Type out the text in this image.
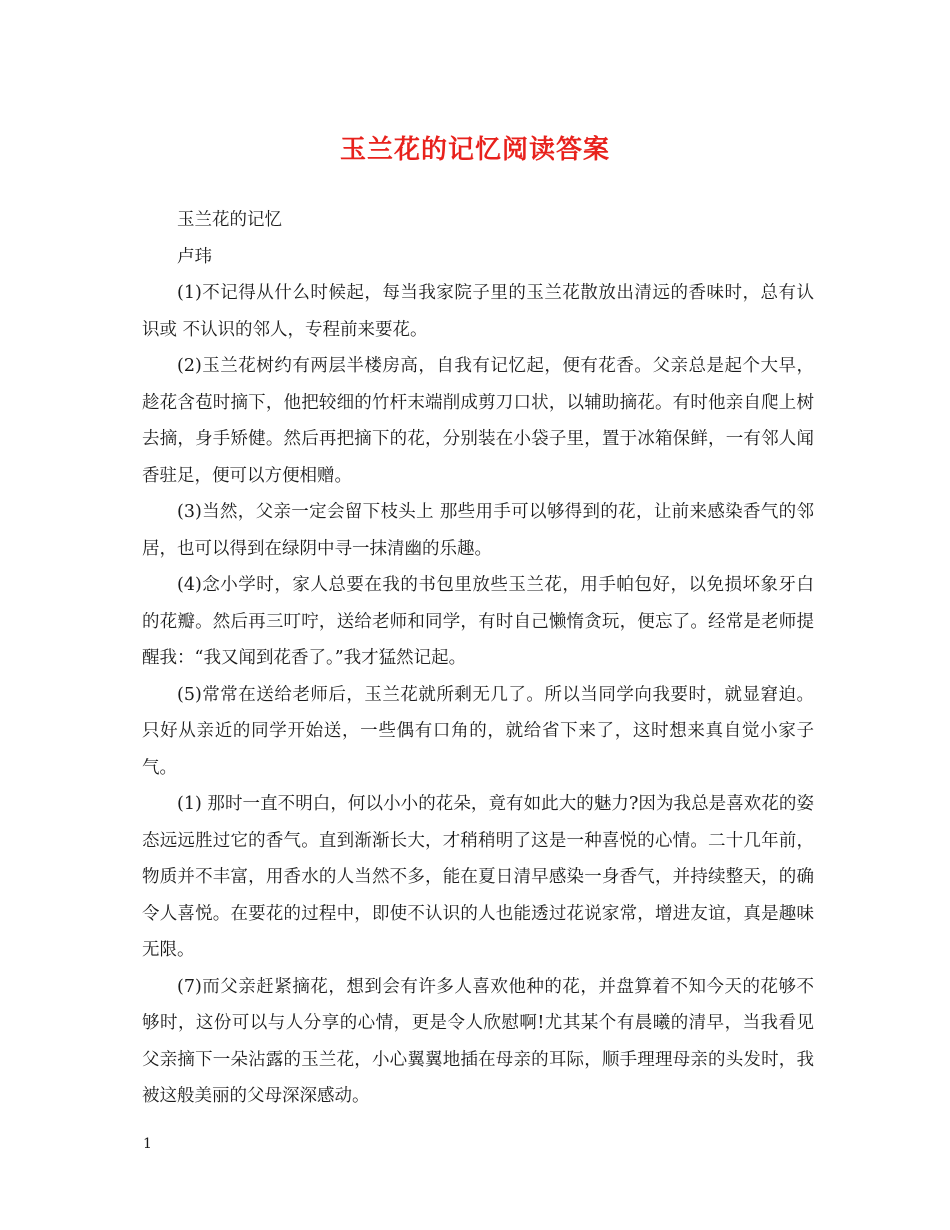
玉兰花的记忆阅读答案

玉兰花的记忆

卢玮

(1)不记得从什么时候起，每当我家院子里的玉兰花散放出清远的香味时，总有认识或 不认识的邻人，专程前来要花。

(2)玉兰花树约有两层半楼房高，自我有记忆起，便有花香。父亲总是起个大早，趁花含苞时摘下，他把较细的竹杆末端削成剪刀口状，以辅助摘花。有时他亲自爬上树去摘，身手矫健。然后再把摘下的花，分别装在小袋子里，置于冰箱保鲜，一有邻人闻香驻足，便可以方便相赠。

(3)当然，父亲一定会留下枝头上 那些用手可以够得到的花，让前来感染香气的邻居，也可以得到在绿阴中寻一抹清幽的乐趣。

(4)念小学时，家人总要在我的书包里放些玉兰花，用手帕包好，以免损坏象牙白的花瓣。然后再三叮咛，送给老师和同学，有时自己懒惰贪玩，便忘了。经常是老师提醒我：“我又闻到花香了。”我才猛然记起。

(5)常常在送给老师后，玉兰花就所剩无几了。所以当同学向我要时，就显窘迫。只好从亲近的同学开始送，一些偶有口角的，就给省下来了，这时想来真自觉小家子气。

(1) 那时一直不明白，何以小小的花朵，竟有如此大的魅力?因为我总是喜欢花的姿态远远胜过它的香气。直到渐渐长大，才稍稍明了这是一种喜悦的心情。二十几年前，物质并不丰富，用香水的人当然不多，能在夏日清早感染一身香气，并持续整天，的确令人喜悦。在要花的过程中，即使不认识的人也能透过花说家常，增进友谊，真是趣味无限。

(7)而父亲赶紧摘花，想到会有许多人喜欢他种的花，并盘算着不知今天的花够不够时，这份可以与人分享的心情，更是令人欣慰啊!尤其某个有晨曦的清早，当我看见父亲摘下一朵沾露的玉兰花，小心翼翼地插在母亲的耳际，顺手理理母亲的头发时，我被这般美丽的父母深深感动。

1
